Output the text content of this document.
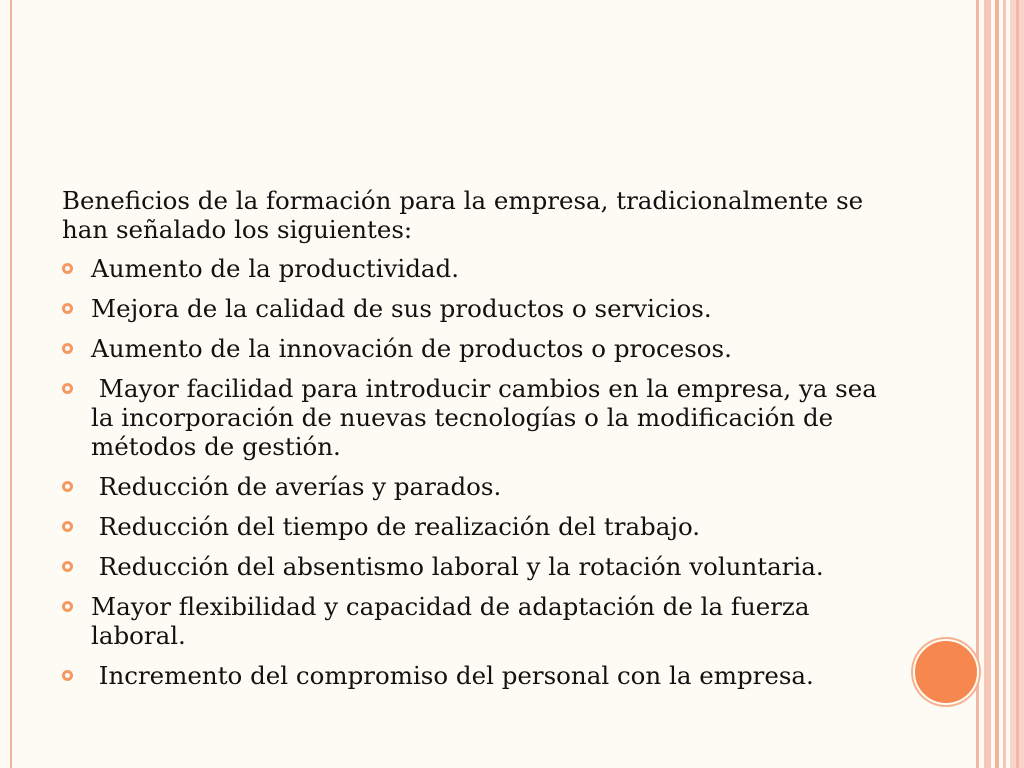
Beneficios de la formación para la empresa, tradicionalmente se han señalado los siguientes:

Aumento de la productividad.
Mejora de la calidad de sus productos o servicios.
Aumento de la innovación de productos o procesos.
Mayor facilidad para introducir cambios en la empresa, ya sea la incorporación de nuevas tecnologías o la modificación de métodos de gestión.
Reducción de averías y parados.
Reducción del tiempo de realización del trabajo.
Reducción del absentismo laboral y la rotación voluntaria.
Mayor flexibilidad y capacidad de adaptación de la fuerza laboral.
Incremento del compromiso del personal con la empresa.
